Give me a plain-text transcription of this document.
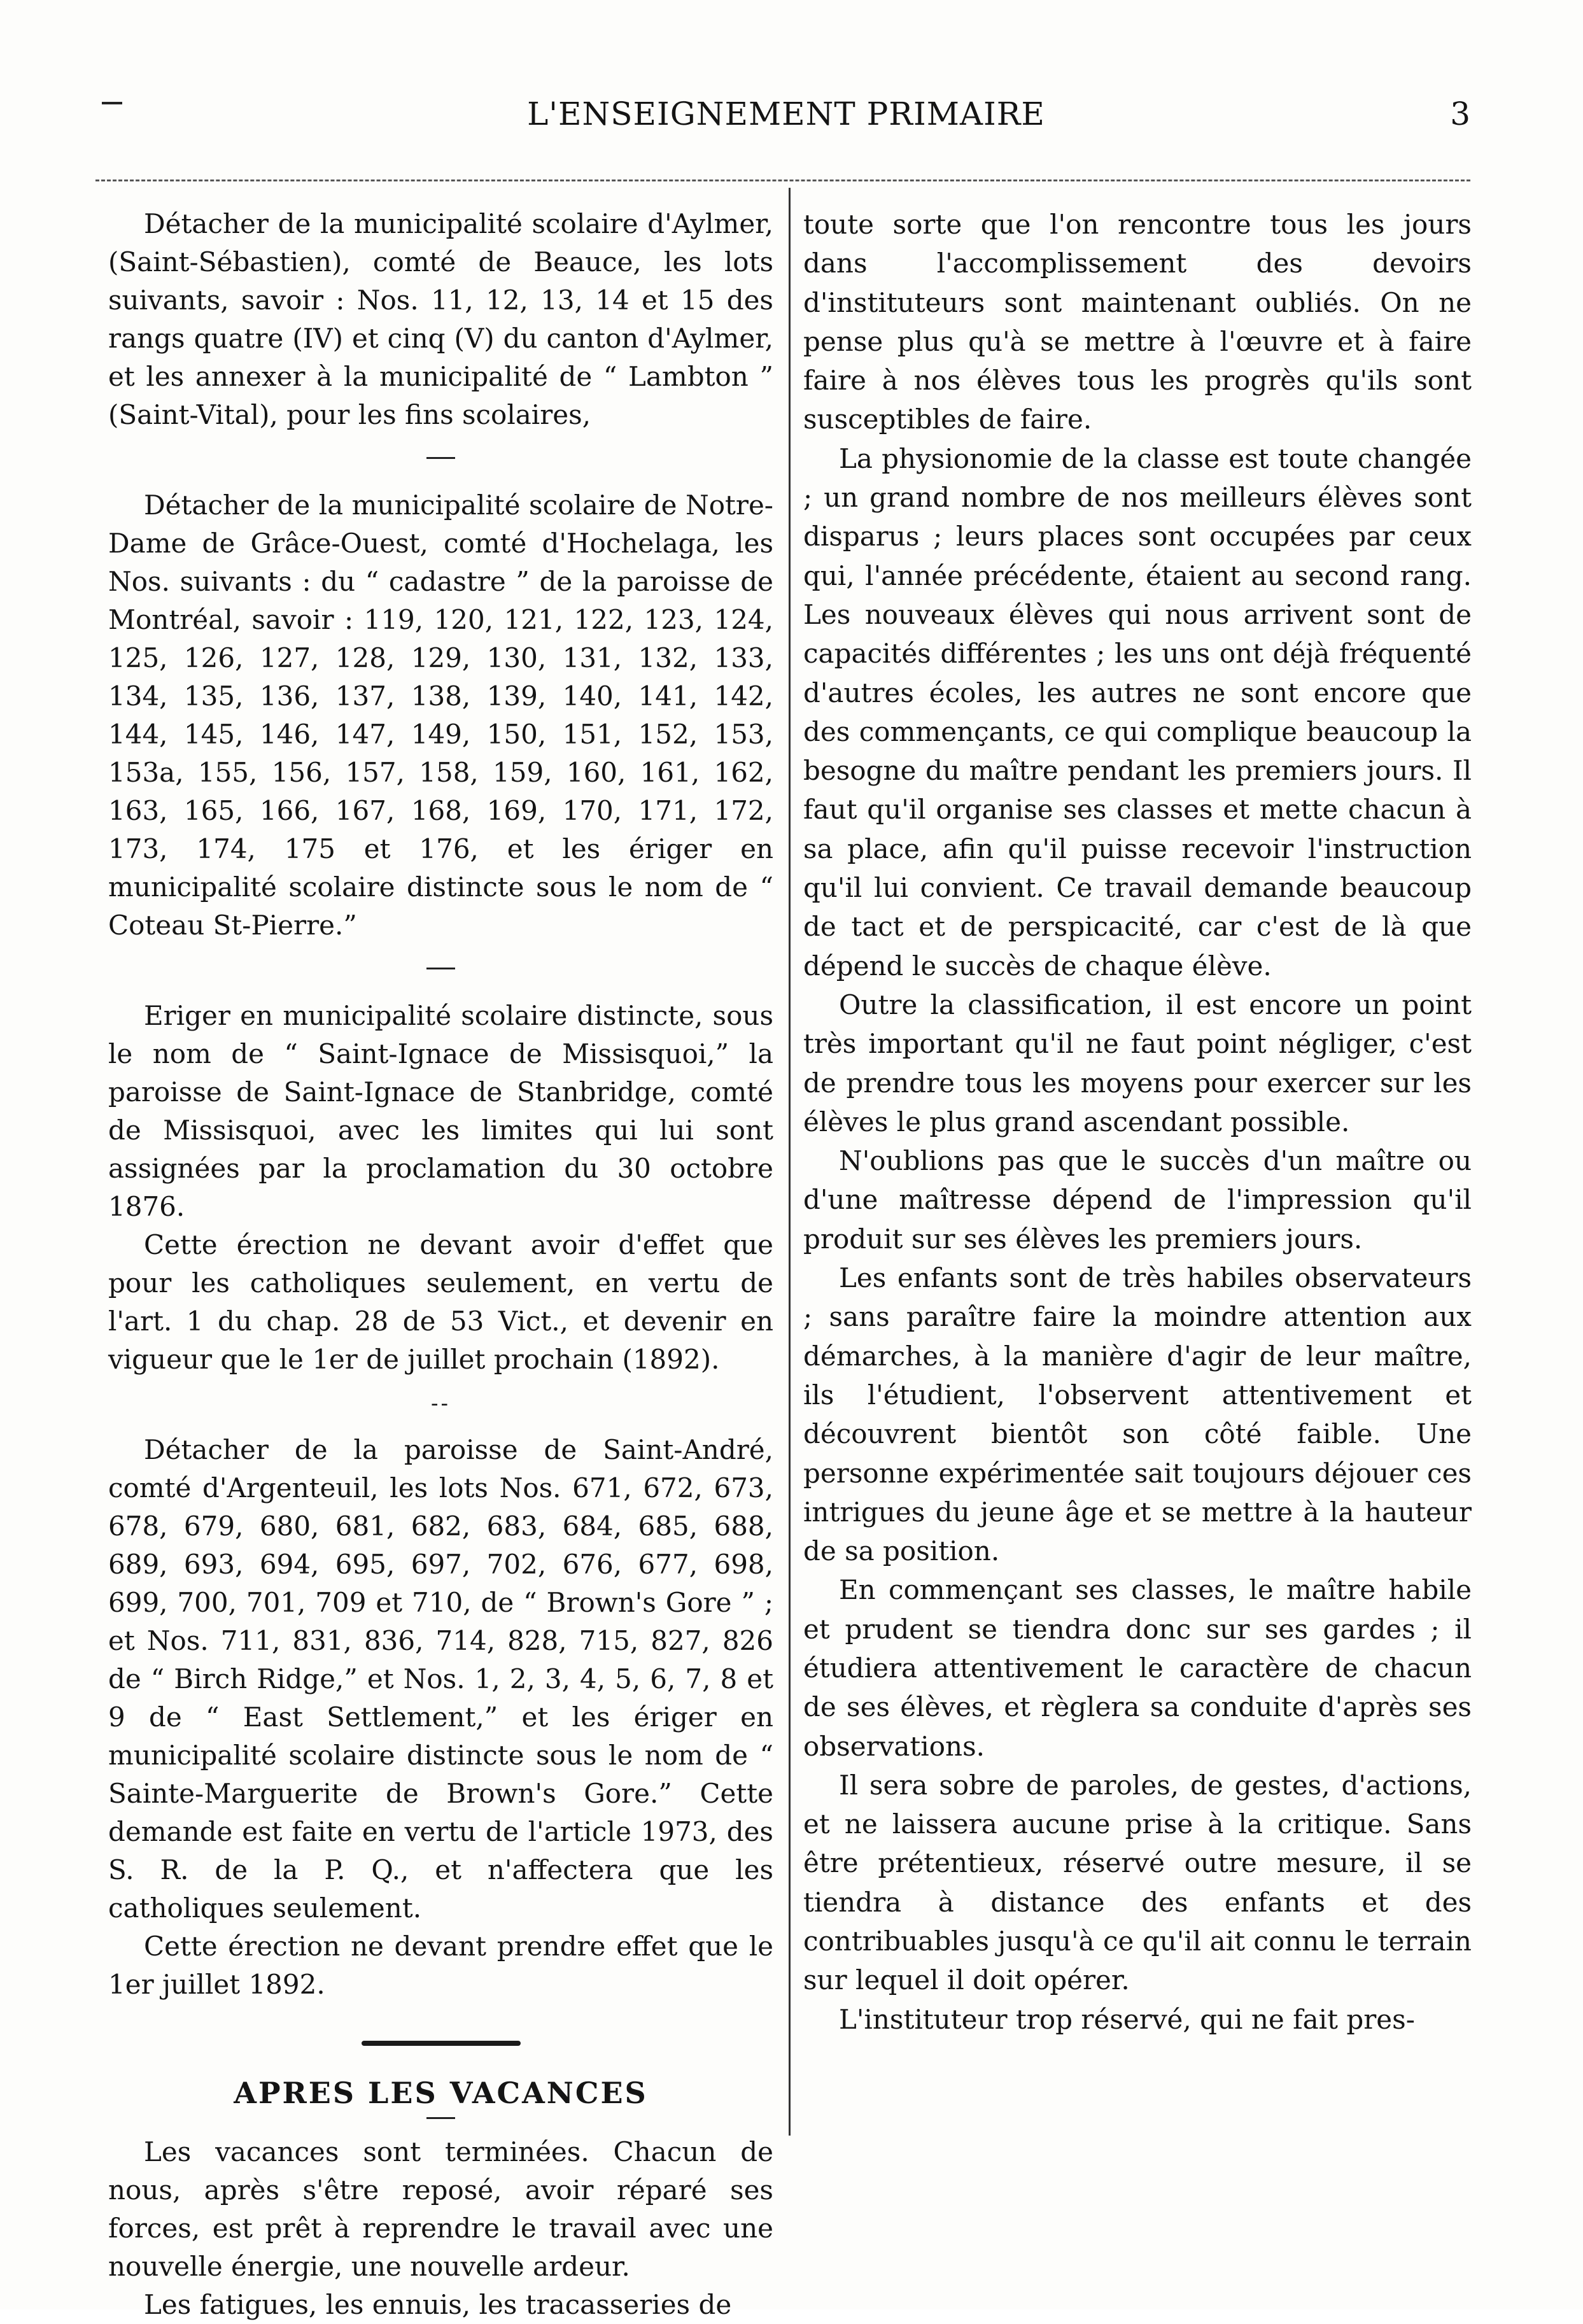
L'ENSEIGNEMENT PRIMAIRE	3

Détacher de la municipalité scolaire d'Aylmer, (Saint-Sébastien), comté de Beauce, les lots suivants, savoir : Nos. 11, 12, 13, 14 et 15 des rangs quatre (IV) et cinq (V) du canton d'Aylmer, et les annexer à la municipalité de “ Lambton ” (Saint-Vital), pour les fins scolaires,

Détacher de la municipalité scolaire de Notre-Dame de Grâce-Ouest, comté d'Hochelaga, les Nos. suivants : du “ cadastre ” de la paroisse de Montréal, savoir : 119, 120, 121, 122, 123, 124, 125, 126, 127, 128, 129, 130, 131, 132, 133, 134, 135, 136, 137, 138, 139, 140, 141, 142, 144, 145, 146, 147, 149, 150, 151, 152, 153, 153a, 155, 156, 157, 158, 159, 160, 161, 162, 163, 165, 166, 167, 168, 169, 170, 171, 172, 173, 174, 175 et 176, et les ériger en municipalité scolaire distincte sous le nom de “ Coteau St-Pierre.”

Eriger en municipalité scolaire distincte, sous le nom de “ Saint-Ignace de Missisquoi,” la paroisse de Saint-Ignace de Stanbridge, comté de Missisquoi, avec les limites qui lui sont assignées par la proclamation du 30 octobre 1876.

Cette érection ne devant avoir d'effet que pour les catholiques seulement, en vertu de l'art. 1 du chap. 28 de 53 Vict., et devenir en vigueur que le 1er de juillet prochain (1892).

--

Détacher de la paroisse de Saint-André, comté d'Argenteuil, les lots Nos. 671, 672, 673, 678, 679, 680, 681, 682, 683, 684, 685, 688, 689, 693, 694, 695, 697, 702, 676, 677, 698, 699, 700, 701, 709 et 710, de “ Brown's Gore ” ; et Nos. 711, 831, 836, 714, 828, 715, 827, 826 de “ Birch Ridge,” et Nos. 1, 2, 3, 4, 5, 6, 7, 8 et 9 de “ East Settlement,” et les ériger en municipalité scolaire distincte sous le nom de “ Sainte-Marguerite de Brown's Gore.” Cette demande est faite en vertu de l'article 1973, des S. R. de la P. Q., et n'affectera que les catholiques seulement.

Cette érection ne devant prendre effet que le 1er juillet 1892.

APRES LES VACANCES

Les vacances sont terminées. Chacun de nous, après s'être reposé, avoir réparé ses forces, est prêt à reprendre le travail avec une nouvelle énergie, une nouvelle ardeur.

Les fatigues, les ennuis, les tracasseries de

toute sorte que l'on rencontre tous les jours dans l'accomplissement des devoirs d'instituteurs sont maintenant oubliés. On ne pense plus qu'à se mettre à l'œuvre et à faire faire à nos élèves tous les progrès qu'ils sont susceptibles de faire.

La physionomie de la classe est toute changée ; un grand nombre de nos meilleurs élèves sont disparus ; leurs places sont occupées par ceux qui, l'année précédente, étaient au second rang. Les nouveaux élèves qui nous arrivent sont de capacités différentes ; les uns ont déjà fréquenté d'autres écoles, les autres ne sont encore que des commençants, ce qui complique beaucoup la besogne du maître pendant les premiers jours. Il faut qu'il organise ses classes et mette chacun à sa place, afin qu'il puisse recevoir l'instruction qu'il lui convient. Ce travail demande beaucoup de tact et de perspicacité, car c'est de là que dépend le succès de chaque élève.

Outre la classification, il est encore un point très important qu'il ne faut point négliger, c'est de prendre tous les moyens pour exercer sur les élèves le plus grand ascendant possible.

N'oublions pas que le succès d'un maître ou d'une maîtresse dépend de l'impression qu'il produit sur ses élèves les premiers jours.

Les enfants sont de très habiles observateurs ; sans paraître faire la moindre attention aux démarches, à la manière d'agir de leur maître, ils l'étudient, l'observent attentivement et découvrent bientôt son côté faible. Une personne expérimentée sait toujours déjouer ces intrigues du jeune âge et se mettre à la hauteur de sa position.

En commençant ses classes, le maître habile et prudent se tiendra donc sur ses gardes ; il étudiera attentivement le caractère de chacun de ses élèves, et règlera sa conduite d'après ses observations.

Il sera sobre de paroles, de gestes, d'actions, et ne laissera aucune prise à la critique. Sans être prétentieux, réservé outre mesure, il se tiendra à distance des enfants et des contribuables jusqu'à ce qu'il ait connu le terrain sur lequel il doit opérer.

L'instituteur trop réservé, qui ne fait pres-
